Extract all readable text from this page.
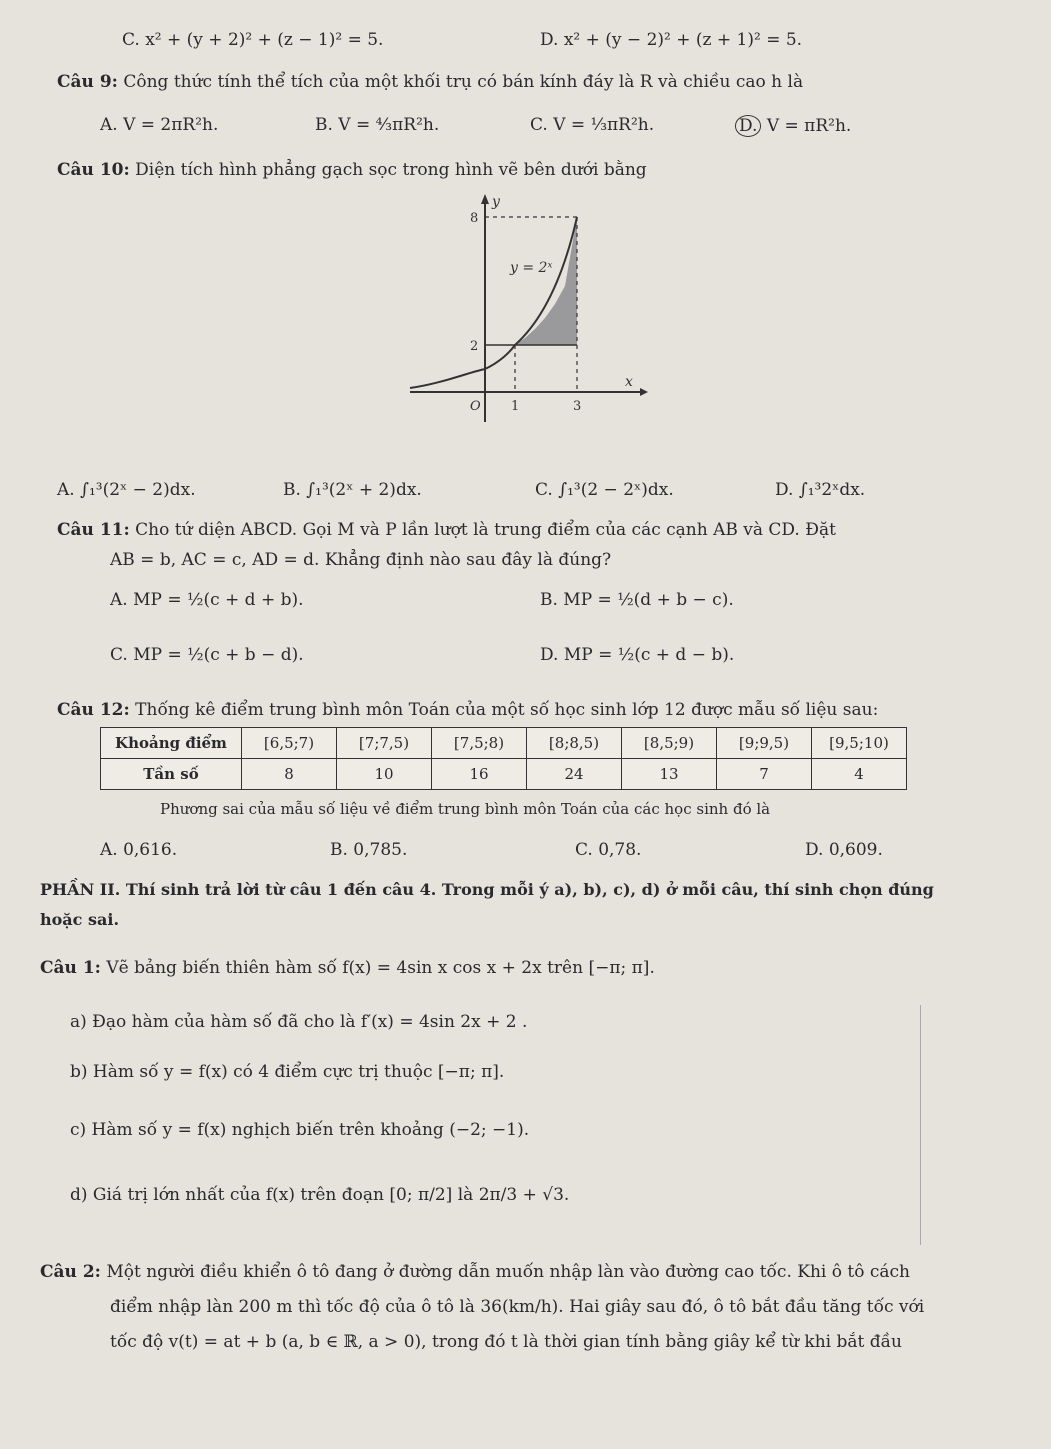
C. x² + (y + 2)² + (z − 1)² = 5.	D. x² + (y − 2)² + (z + 1)² = 5.
Câu 9: Công thức tính thể tích của một khối trụ có bán kính đáy là R và chiều cao h là
A. V = 2πR²h.	B. V = ⁴⁄₃πR²h.	C. V = ¹⁄₃πR²h.	D. V = πR²h.
Câu 10: Diện tích hình phẳng gạch sọc trong hình vẽ bên dưới bằng
y
x
y = 2ˣ
8
2
O 1	3
A. ∫₁³(2ˣ − 2)dx.	B. ∫₁³(2ˣ + 2)dx.	C. ∫₁³(2 − 2ˣ)dx.	D. ∫₁³2ˣdx.
Câu 11: Cho tứ diện ABCD. Gọi M và P lần lượt là trung điểm của các cạnh AB và CD. Đặt
AB = b, AC = c, AD = d. Khẳng định nào sau đây là đúng?
A. MP = ½(c + d + b).	B. MP = ½(d + b − c).
C. MP = ½(c + b − d).	D. MP = ½(c + d − b).
Câu 12: Thống kê điểm trung bình môn Toán của một số học sinh lớp 12 được mẫu số liệu sau:
Khoảng điểm	[6,5;7)	[7;7,5)	[7,5;8)	[8;8,5)	[8,5;9)	[9;9,5)	[9,5;10)
Tần số	8	10	16	24	13	7	4
Phương sai của mẫu số liệu về điểm trung bình môn Toán của các học sinh đó là
A. 0,616.	B. 0,785.	C. 0,78.	D. 0,609.
PHẦN II. Thí sinh trả lời từ câu 1 đến câu 4. Trong mỗi ý a), b), c), d) ở mỗi câu, thí sinh chọn đúng
hoặc sai.
Câu 1: Vẽ bảng biến thiên hàm số f(x) = 4sin x cos x + 2x trên [−π; π].
a) Đạo hàm của hàm số đã cho là f′(x) = 4sin 2x + 2 .
b) Hàm số y = f(x) có 4 điểm cực trị thuộc [−π; π].
c) Hàm số y = f(x) nghịch biến trên khoảng (−2; −1).
d) Giá trị lớn nhất của f(x) trên đoạn [0; π/2] là 2π/3 + √3.
Câu 2: Một người điều khiển ô tô đang ở đường dẫn muốn nhập làn vào đường cao tốc. Khi ô tô cách
điểm nhập làn 200 m thì tốc độ của ô tô là 36(km/h). Hai giây sau đó, ô tô bắt đầu tăng tốc với
tốc độ v(t) = at + b (a, b ∈ ℝ, a > 0), trong đó t là thời gian tính bằng giây kể từ khi bắt đầu
